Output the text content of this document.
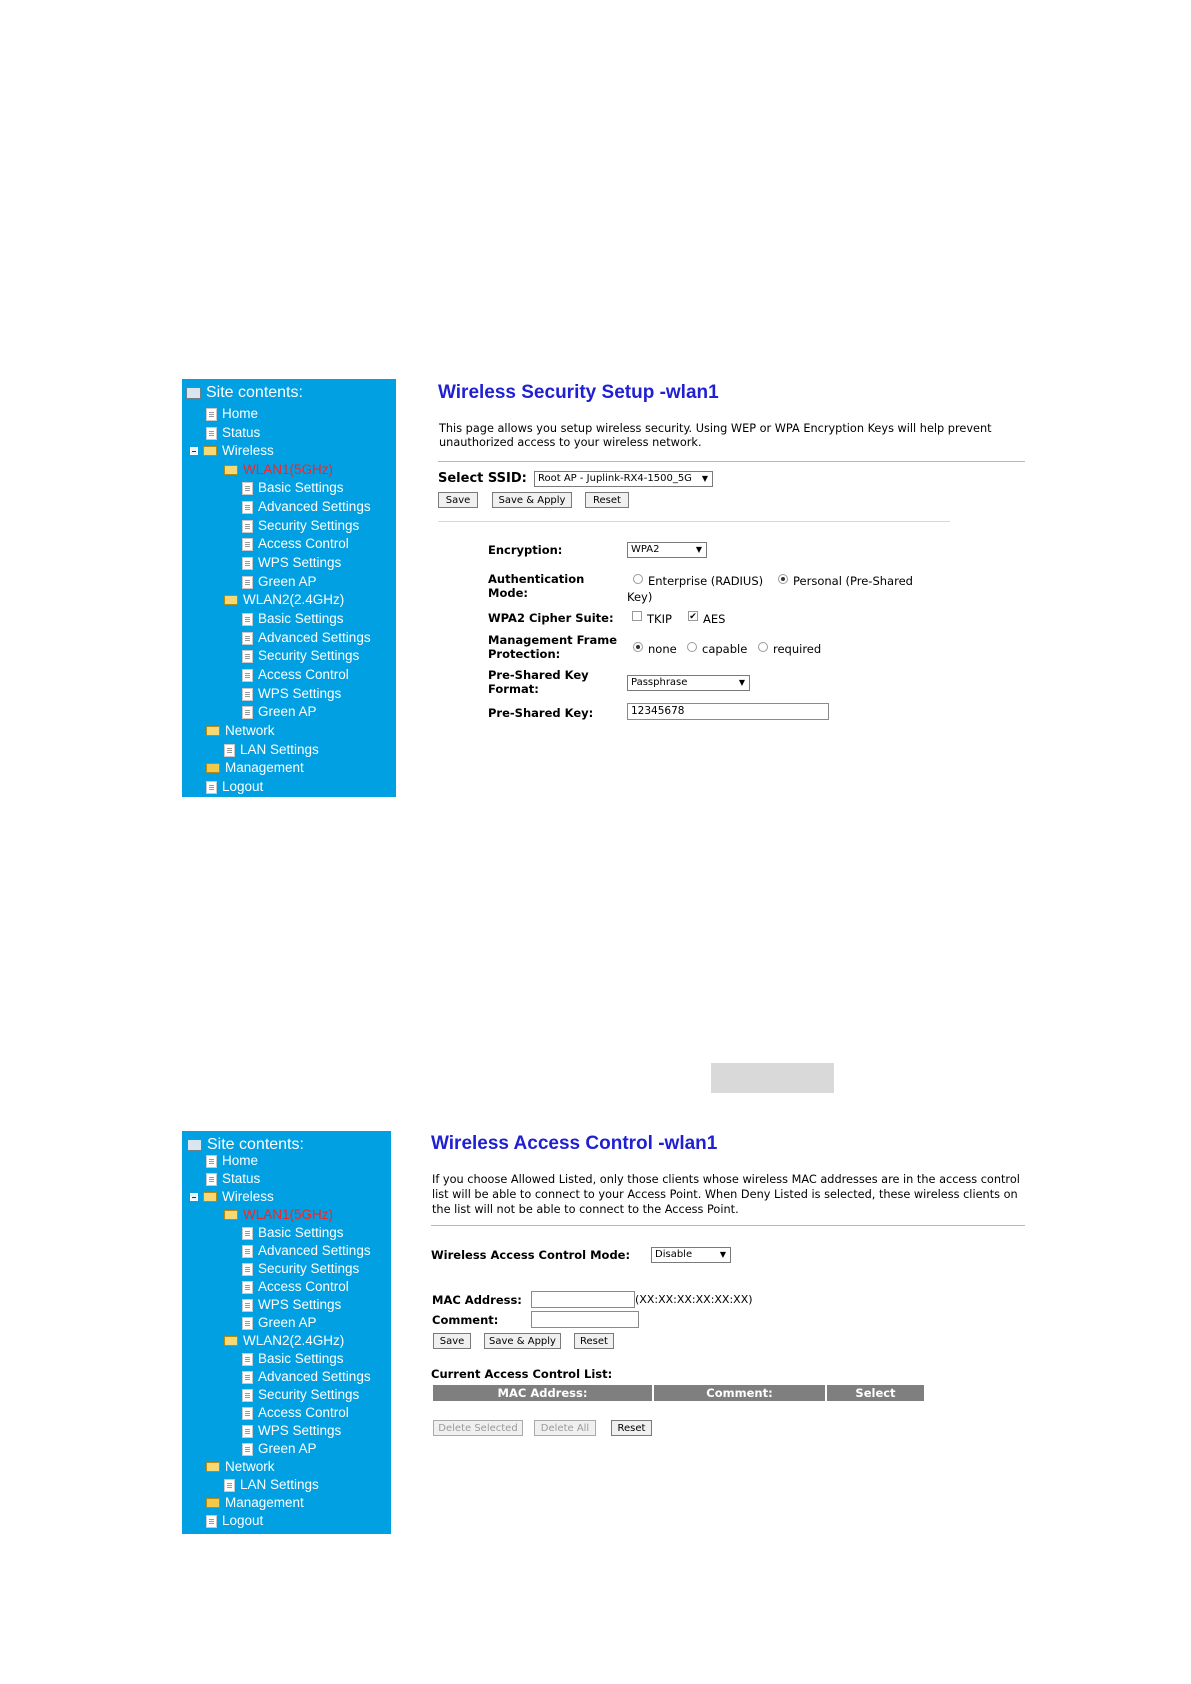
Site contents:
Home
Status
Wireless
WLAN1(5GHz)
Basic Settings
Advanced Settings
Security Settings
Access Control
WPS Settings
Green AP
WLAN2(2.4GHz)
Basic Settings
Advanced Settings
Security Settings
Access Control
WPS Settings
Green AP
Network
LAN Settings
Management
Logout
Wireless Security Setup -wlan1
This page allows you setup wireless security. Using WEP or WPA Encryption Keys will help prevent unauthorized access to your wireless network.
Select SSID:	Root AP - Juplink-RX4-1500_5G ▼
Save	Save & Apply	Reset
Encryption:	WPA2	▼
Authentication
Mode:
Enterprise (RADIUS)	Personal (Pre-Shared
Key)
WPA2 Cipher Suite:	TKIP ✔ AES
Management Frame
Protection:	none capable required
Pre-Shared Key
Format:	Passphrase	▼
Pre-Shared Key:	12345678
Site contents:
Home
Status
Wireless
WLAN1(5GHz)
Basic Settings
Advanced Settings
Security Settings
Access Control
WPS Settings
Green AP
WLAN2(2.4GHz)
Basic Settings
Advanced Settings
Security Settings
Access Control
WPS Settings
Green AP
Network
LAN Settings
Management
Logout
Wireless Access Control -wlan1
If you choose Allowed Listed, only those clients whose wireless MAC addresses are in the access control list will be able to connect to your Access Point. When Deny Listed is selected, these wireless clients on the list will not be able to connect to the Access Point.
Wireless Access Control Mode:	Disable	▼
MAC Address:	(XX:XX:XX:XX:XX:XX)
Comment:
Save	Save & Apply	Reset
Current Access Control List:
MAC Address:	Comment:	Select
Delete Selected	Delete All	Reset
